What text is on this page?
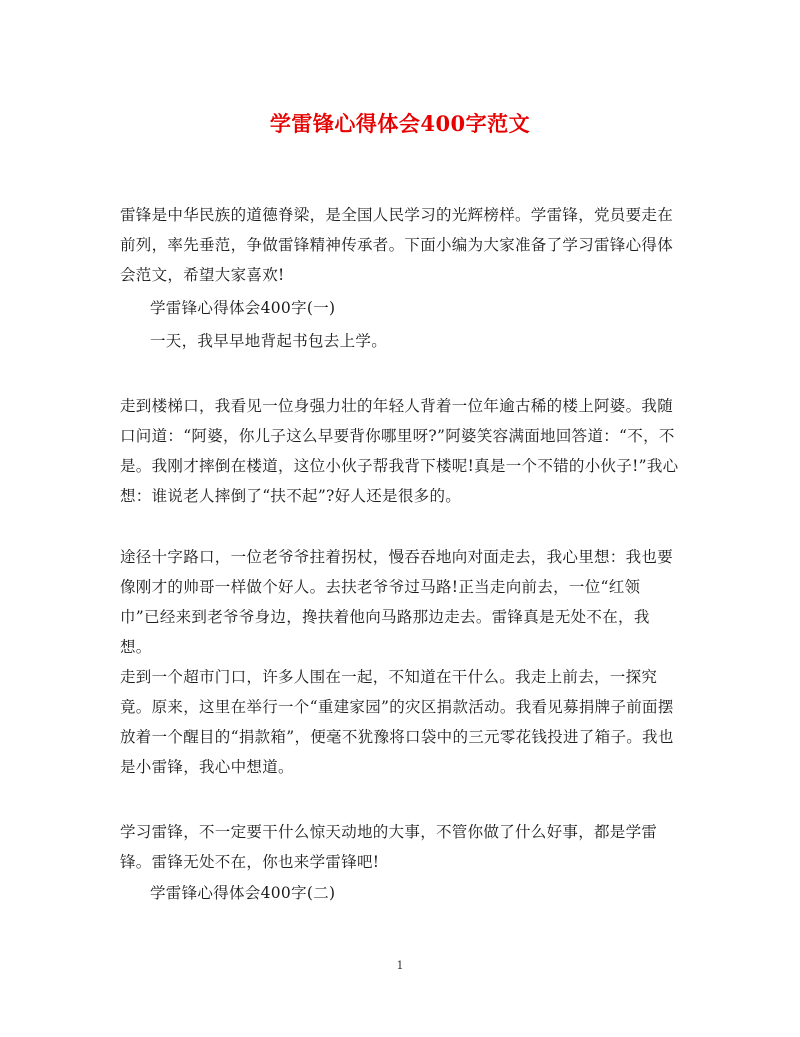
学雷锋心得体会400字范文

雷锋是中华民族的道德脊梁，是全国人民学习的光辉榜样。学雷锋，党员要走在前列，率先垂范，争做雷锋精神传承者。下面小编为大家准备了学习雷锋心得体会范文，希望大家喜欢!

学雷锋心得体会400字(一)

一天，我早早地背起书包去上学。

走到楼梯口，我看见一位身强力壮的年轻人背着一位年逾古稀的楼上阿婆。我随口问道：“阿婆，你儿子这么早要背你哪里呀?”阿婆笑容满面地回答道：“不，不是。我刚才摔倒在楼道，这位小伙子帮我背下楼呢!真是一个不错的小伙子!”我心想：谁说老人摔倒了“扶不起”?好人还是很多的。

途径十字路口，一位老爷爷拄着拐杖，慢吞吞地向对面走去，我心里想：我也要像刚才的帅哥一样做个好人。去扶老爷爷过马路!正当走向前去，一位“红领巾”已经来到老爷爷身边，搀扶着他向马路那边走去。雷锋真是无处不在，我想。

走到一个超市门口，许多人围在一起，不知道在干什么。我走上前去，一探究竟。原来，这里在举行一个“重建家园”的灾区捐款活动。我看见募捐牌子前面摆放着一个醒目的“捐款箱”，便毫不犹豫将口袋中的三元零花钱投进了箱子。我也是小雷锋，我心中想道。

学习雷锋，不一定要干什么惊天动地的大事，不管你做了什么好事，都是学雷锋。雷锋无处不在，你也来学雷锋吧!

学雷锋心得体会400字(二)

1
